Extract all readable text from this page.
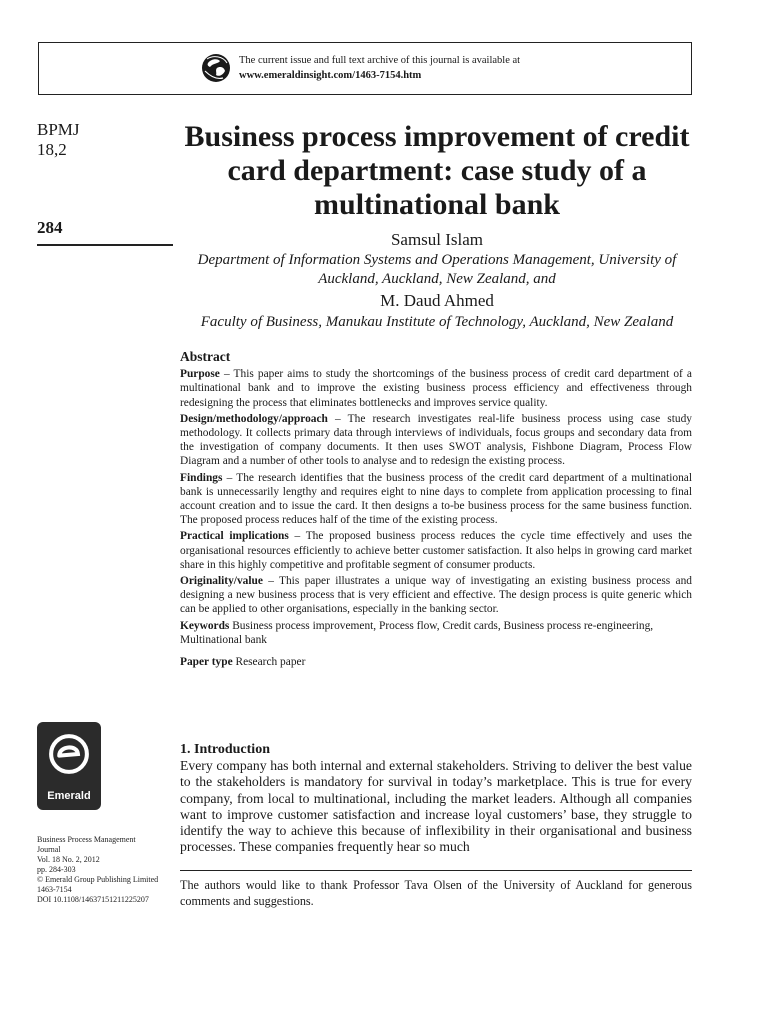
The current issue and full text archive of this journal is available at
www.emeraldinsight.com/1463-7154.htm
BPMJ
18,2
284
Business process improvement of credit card department: case study of a multinational bank
Samsul Islam
Department of Information Systems and Operations Management, University of Auckland, Auckland, New Zealand, and
M. Daud Ahmed
Faculty of Business, Manukau Institute of Technology, Auckland, New Zealand
Abstract

Purpose – This paper aims to study the shortcomings of the business process of credit card department of a multinational bank and to improve the existing business process efficiency and effectiveness through redesigning the process that eliminates bottlenecks and improves service quality.

Design/methodology/approach – The research investigates real-life business process using case study methodology. It collects primary data through interviews of individuals, focus groups and secondary data from the investigation of company documents. It then uses SWOT analysis, Fishbone Diagram, Process Flow Diagram and a number of other tools to analyse and to redesign the existing process.

Findings – The research identifies that the business process of the credit card department of a multinational bank is unnecessarily lengthy and requires eight to nine days to complete from application processing to final account creation and to issue the card. It then designs a to-be business process for the same business function. The proposed process reduces half of the time of the existing process.

Practical implications – The proposed business process reduces the cycle time effectively and uses the organisational resources efficiently to achieve better customer satisfaction. It also helps in growing card market share in this highly competitive and profitable segment of consumer products.

Originality/value – This paper illustrates a unique way of investigating an existing business process and designing a new business process that is very efficient and effective. The design process is quite generic which can be applied to other organisations, especially in the banking sector.

Keywords Business process improvement, Process flow, Credit cards, Business process re-engineering, Multinational bank

Paper type Research paper

Emerald
Business Process Management
Journal
Vol. 18 No. 2, 2012
pp. 284-303
© Emerald Group Publishing Limited
1463-7154
DOI 10.1108/14637151211225207
1. Introduction

Every company has both internal and external stakeholders. Striving to deliver the best value to the stakeholders is mandatory for survival in today’s marketplace. This is true for every company, from local to multinational, including the market leaders. Although all companies want to improve customer satisfaction and increase loyal customers’ base, they struggle to identify the way to achieve this because of inflexibility in their organisational and business processes. These companies frequently hear so much

The authors would like to thank Professor Tava Olsen of the University of Auckland for generous comments and suggestions.
